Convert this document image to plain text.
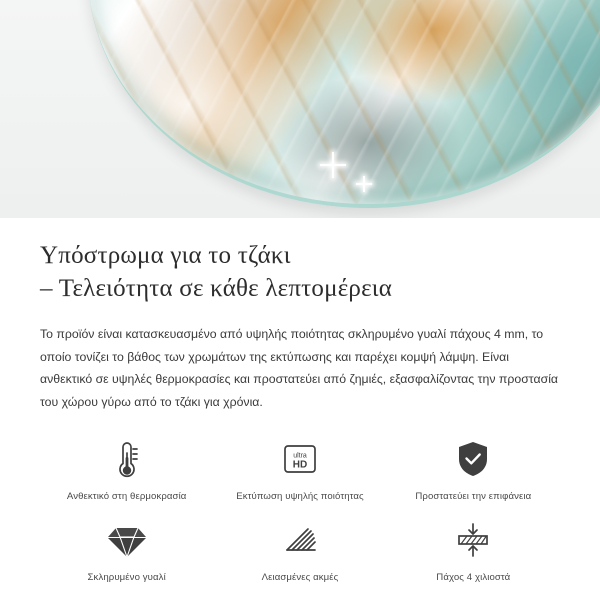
Υπόστρωμα για το τζάκι
– Τελειότητα σε κάθε λεπτομέρεια

Το προϊόν είναι κατασκευασμένο από υψηλής ποιότητας σκληρυμένο γυαλί πάχους 4 mm, το οποίο τονίζει το βάθος των χρωμάτων της εκτύπωσης και παρέχει κομψή λάμψη. Είναι ανθεκτικό σε υψηλές θερμοκρασίες και προστατεύει από ζημιές, εξασφαλίζοντας την προστασία του χώρου γύρω από το τζάκι για χρόνια.

Ανθεκτικό στη θερμοκρασία
ultra
HD
Εκτύπωση υψηλής ποιότητας	Προστατεύει την επιφάνεια
Σκληρυμένο γυαλί	Λειασμένες ακμές	Πάχος 4 χιλιοστά
